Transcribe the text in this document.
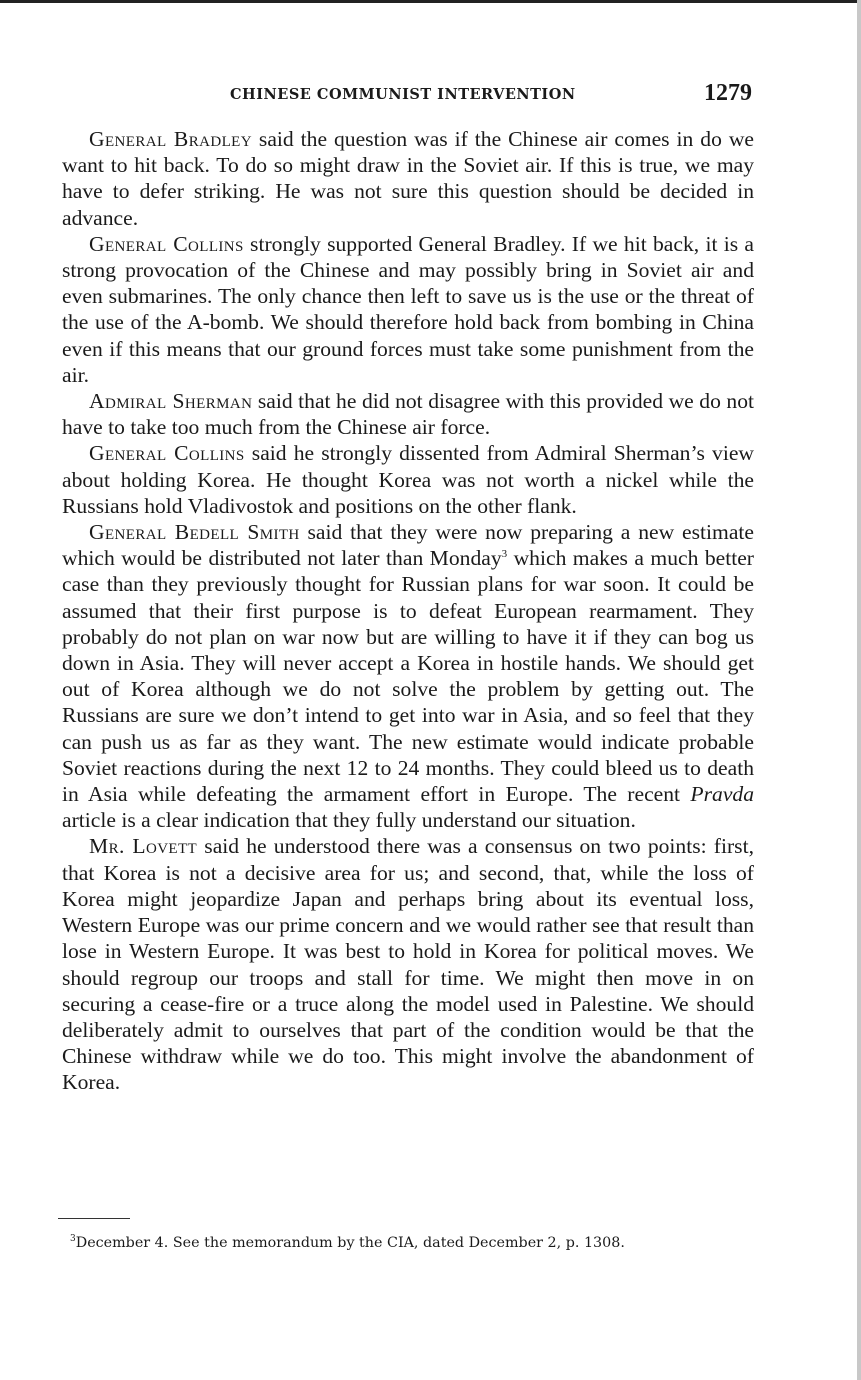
CHINESE COMMUNIST INTERVENTION	1279

General Bradley said the question was if the Chinese air comes in do we want to hit back. To do so might draw in the Soviet air. If this is true, we may have to defer striking. He was not sure this question should be decided in advance.

General Collins strongly supported General Bradley. If we hit back, it is a strong provocation of the Chinese and may possibly bring in Soviet air and even submarines. The only chance then left to save us is the use or the threat of the use of the A-bomb. We should therefore hold back from bombing in China even if this means that our ground forces must take some punishment from the air.

Admiral Sherman said that he did not disagree with this provided we do not have to take too much from the Chinese air force.

General Collins said he strongly dissented from Admiral Sherman’s view about holding Korea. He thought Korea was not worth a nickel while the Russians hold Vladivostok and positions on the other flank.

General Bedell Smith said that they were now preparing a new estimate which would be distributed not later than Monday$^3$ which makes a much better case than they previously thought for Russian plans for war soon. It could be assumed that their first purpose is to defeat European rearmament. They probably do not plan on war now but are willing to have it if they can bog us down in Asia. They will never accept a Korea in hostile hands. We should get out of Korea although we do not solve the problem by getting out. The Russians are sure we don’t intend to get into war in Asia, and so feel that they can push us as far as they want. The new estimate would indicate probable Soviet reactions during the next 12 to 24 months. They could bleed us to death in Asia while defeating the armament effort in Europe. The recent Pravda article is a clear indication that they fully understand our situation.

Mr. Lovett said he understood there was a consensus on two points: first, that Korea is not a decisive area for us; and second, that, while the loss of Korea might jeopardize Japan and perhaps bring about its eventual loss, Western Europe was our prime concern and we would rather see that result than lose in Western Europe. It was best to hold in Korea for political moves. We should regroup our troops and stall for time. We might then move in on securing a cease-fire or a truce along the model used in Palestine. We should deliberately admit to ourselves that part of the condition would be that the Chinese withdraw while we do too. This might involve the abandonment of Korea.

$^3$December 4. See the memorandum by the CIA, dated December 2, p. 1308.
